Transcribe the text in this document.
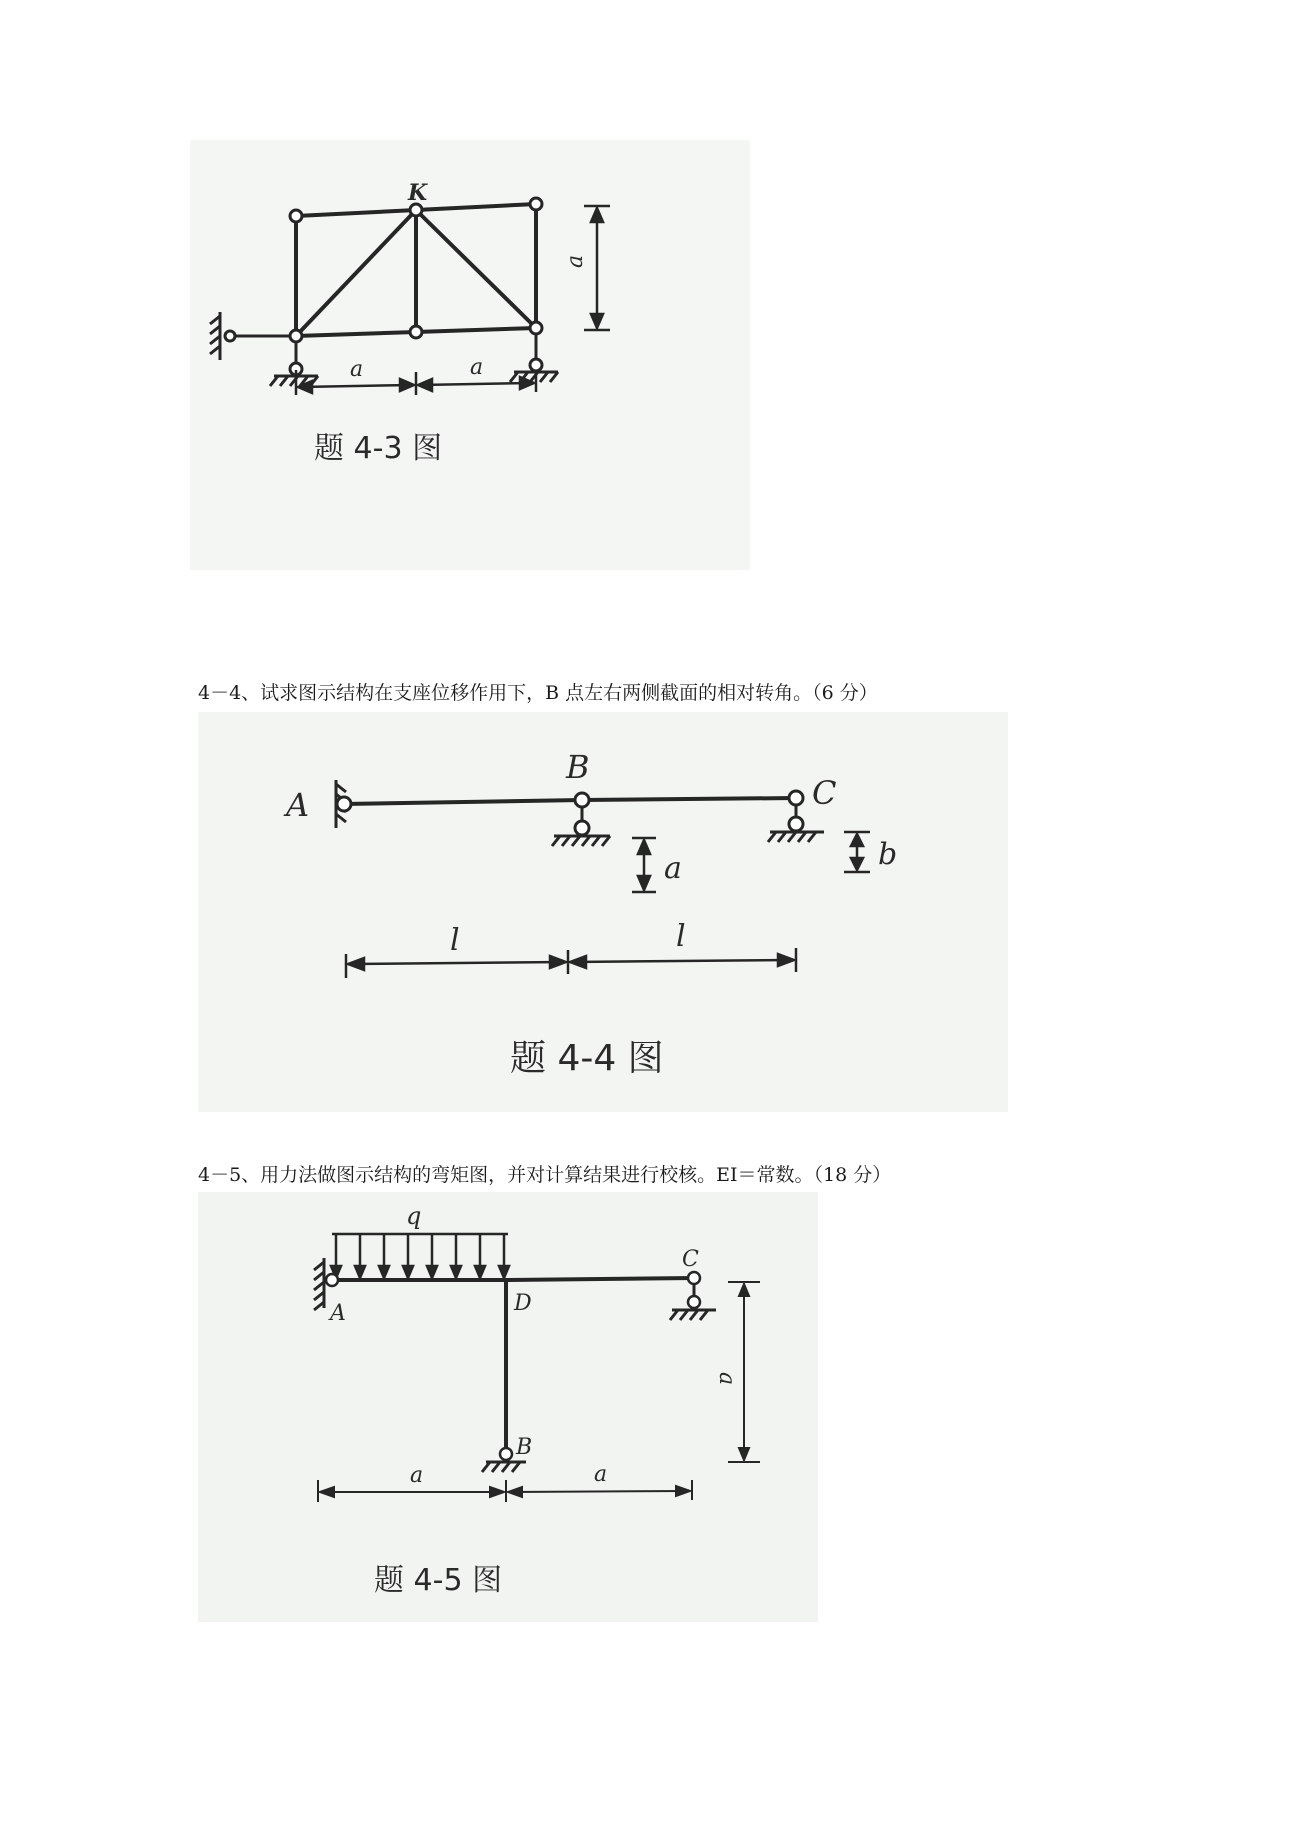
a
a	a
K
题 4-3 图
4－4、试求图示结构在支座位移作用下，B 点左右两侧截面的相对转角。（6 分）
a	b
l	l
A
B
C
题 4-4 图
4－5、用力法做图示结构的弯矩图，并对计算结果进行校核。EI＝常数。（18 分）
q
a
a	a
A
B
C
D
题 4-5 图
